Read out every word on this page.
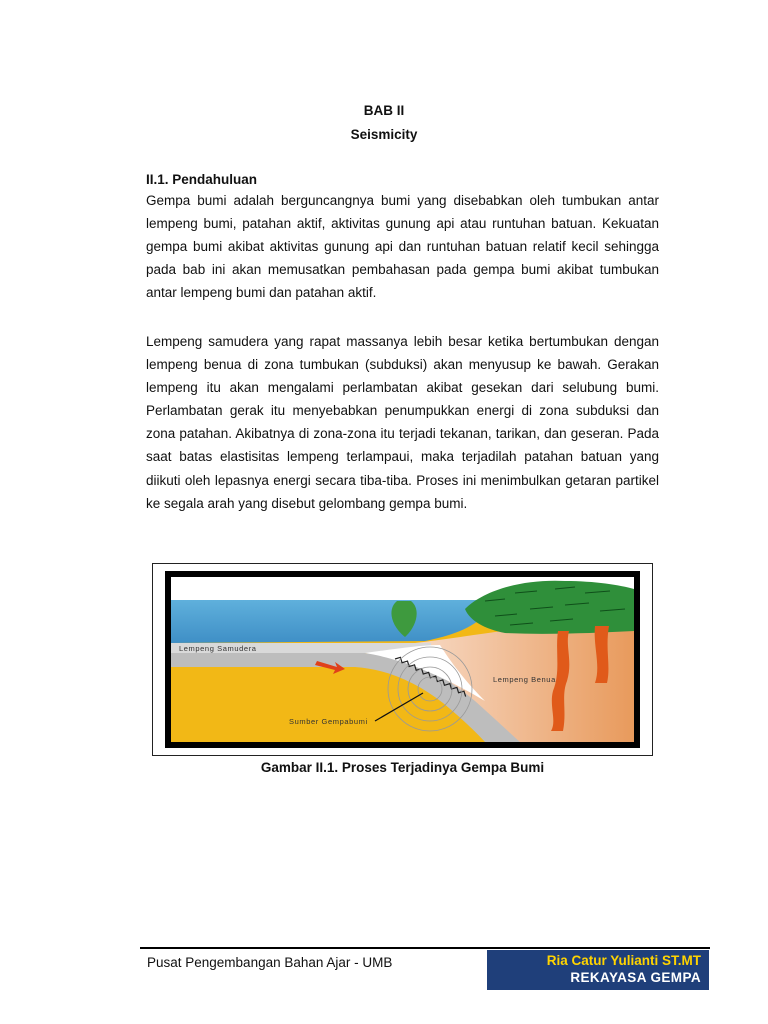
BAB II
Seismicity
II.1. Pendahuluan
Gempa bumi adalah berguncangnya bumi yang disebabkan oleh tumbukan antar lempeng bumi, patahan aktif, aktivitas gunung api atau runtuhan batuan. Kekuatan gempa bumi akibat aktivitas gunung api dan runtuhan batuan relatif kecil sehingga pada bab ini akan memusatkan pembahasan pada gempa bumi akibat tumbukan antar lempeng bumi dan patahan aktif.
Lempeng samudera yang rapat massanya lebih besar ketika bertumbukan dengan lempeng benua di zona tumbukan (subduksi) akan menyusup ke bawah. Gerakan lempeng itu akan mengalami perlambatan akibat gesekan dari selubung bumi. Perlambatan gerak itu menyebabkan penumpukkan energi di zona subduksi dan zona patahan. Akibatnya di zona-zona itu terjadi tekanan, tarikan, dan geseran. Pada saat batas elastisitas lempeng terlampaui, maka terjadilah patahan batuan yang diikuti oleh lepasnya energi secara tiba-tiba. Proses ini menimbulkan getaran partikel ke segala arah yang disebut gelombang gempa bumi.
Lempeng Samudera
Lempeng Benua
Sumber Gempabumi
Gambar II.1. Proses Terjadinya Gempa Bumi
Pusat Pengembangan Bahan Ajar - UMB	Ria Catur Yulianti ST.MT
REKAYASA GEMPA
